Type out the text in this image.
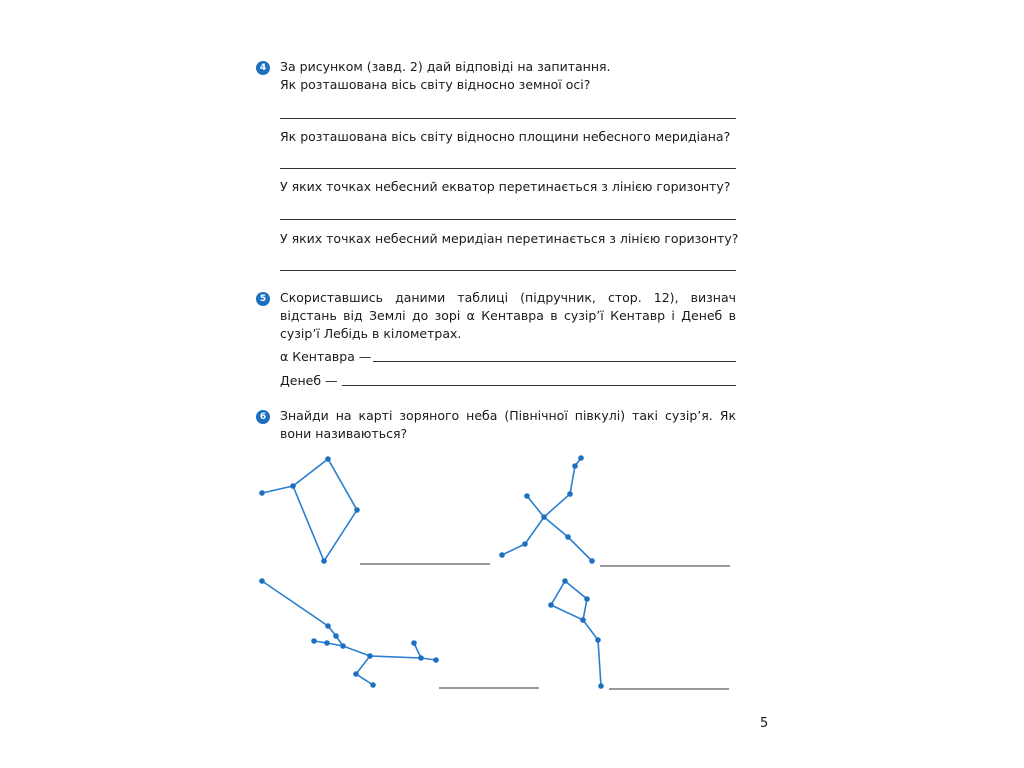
4	За рисунком (завд. 2) дай відповіді на запитання.
Як розташована вісь світу відносно земної осі?
Як розташована вісь світу відносно площини небесного меридіана?
У яких точках небесний екватор перетинається з лінією горизонту?
У яких точках небесний меридіан перетинається з лінією горизонту?
5	Скориставшись даними таблиці (підручник, стор. 12), визнач відстань від Землі до зорі α Кентавра в сузір’ї Кентавр і Денеб в сузір’ї Лебідь в кілометрах.
α Кентавра —
Денеб —
6	Знайди на карті зоряного неба (Північної півкулі) такі сузір’я. Як вони називаються?
5
